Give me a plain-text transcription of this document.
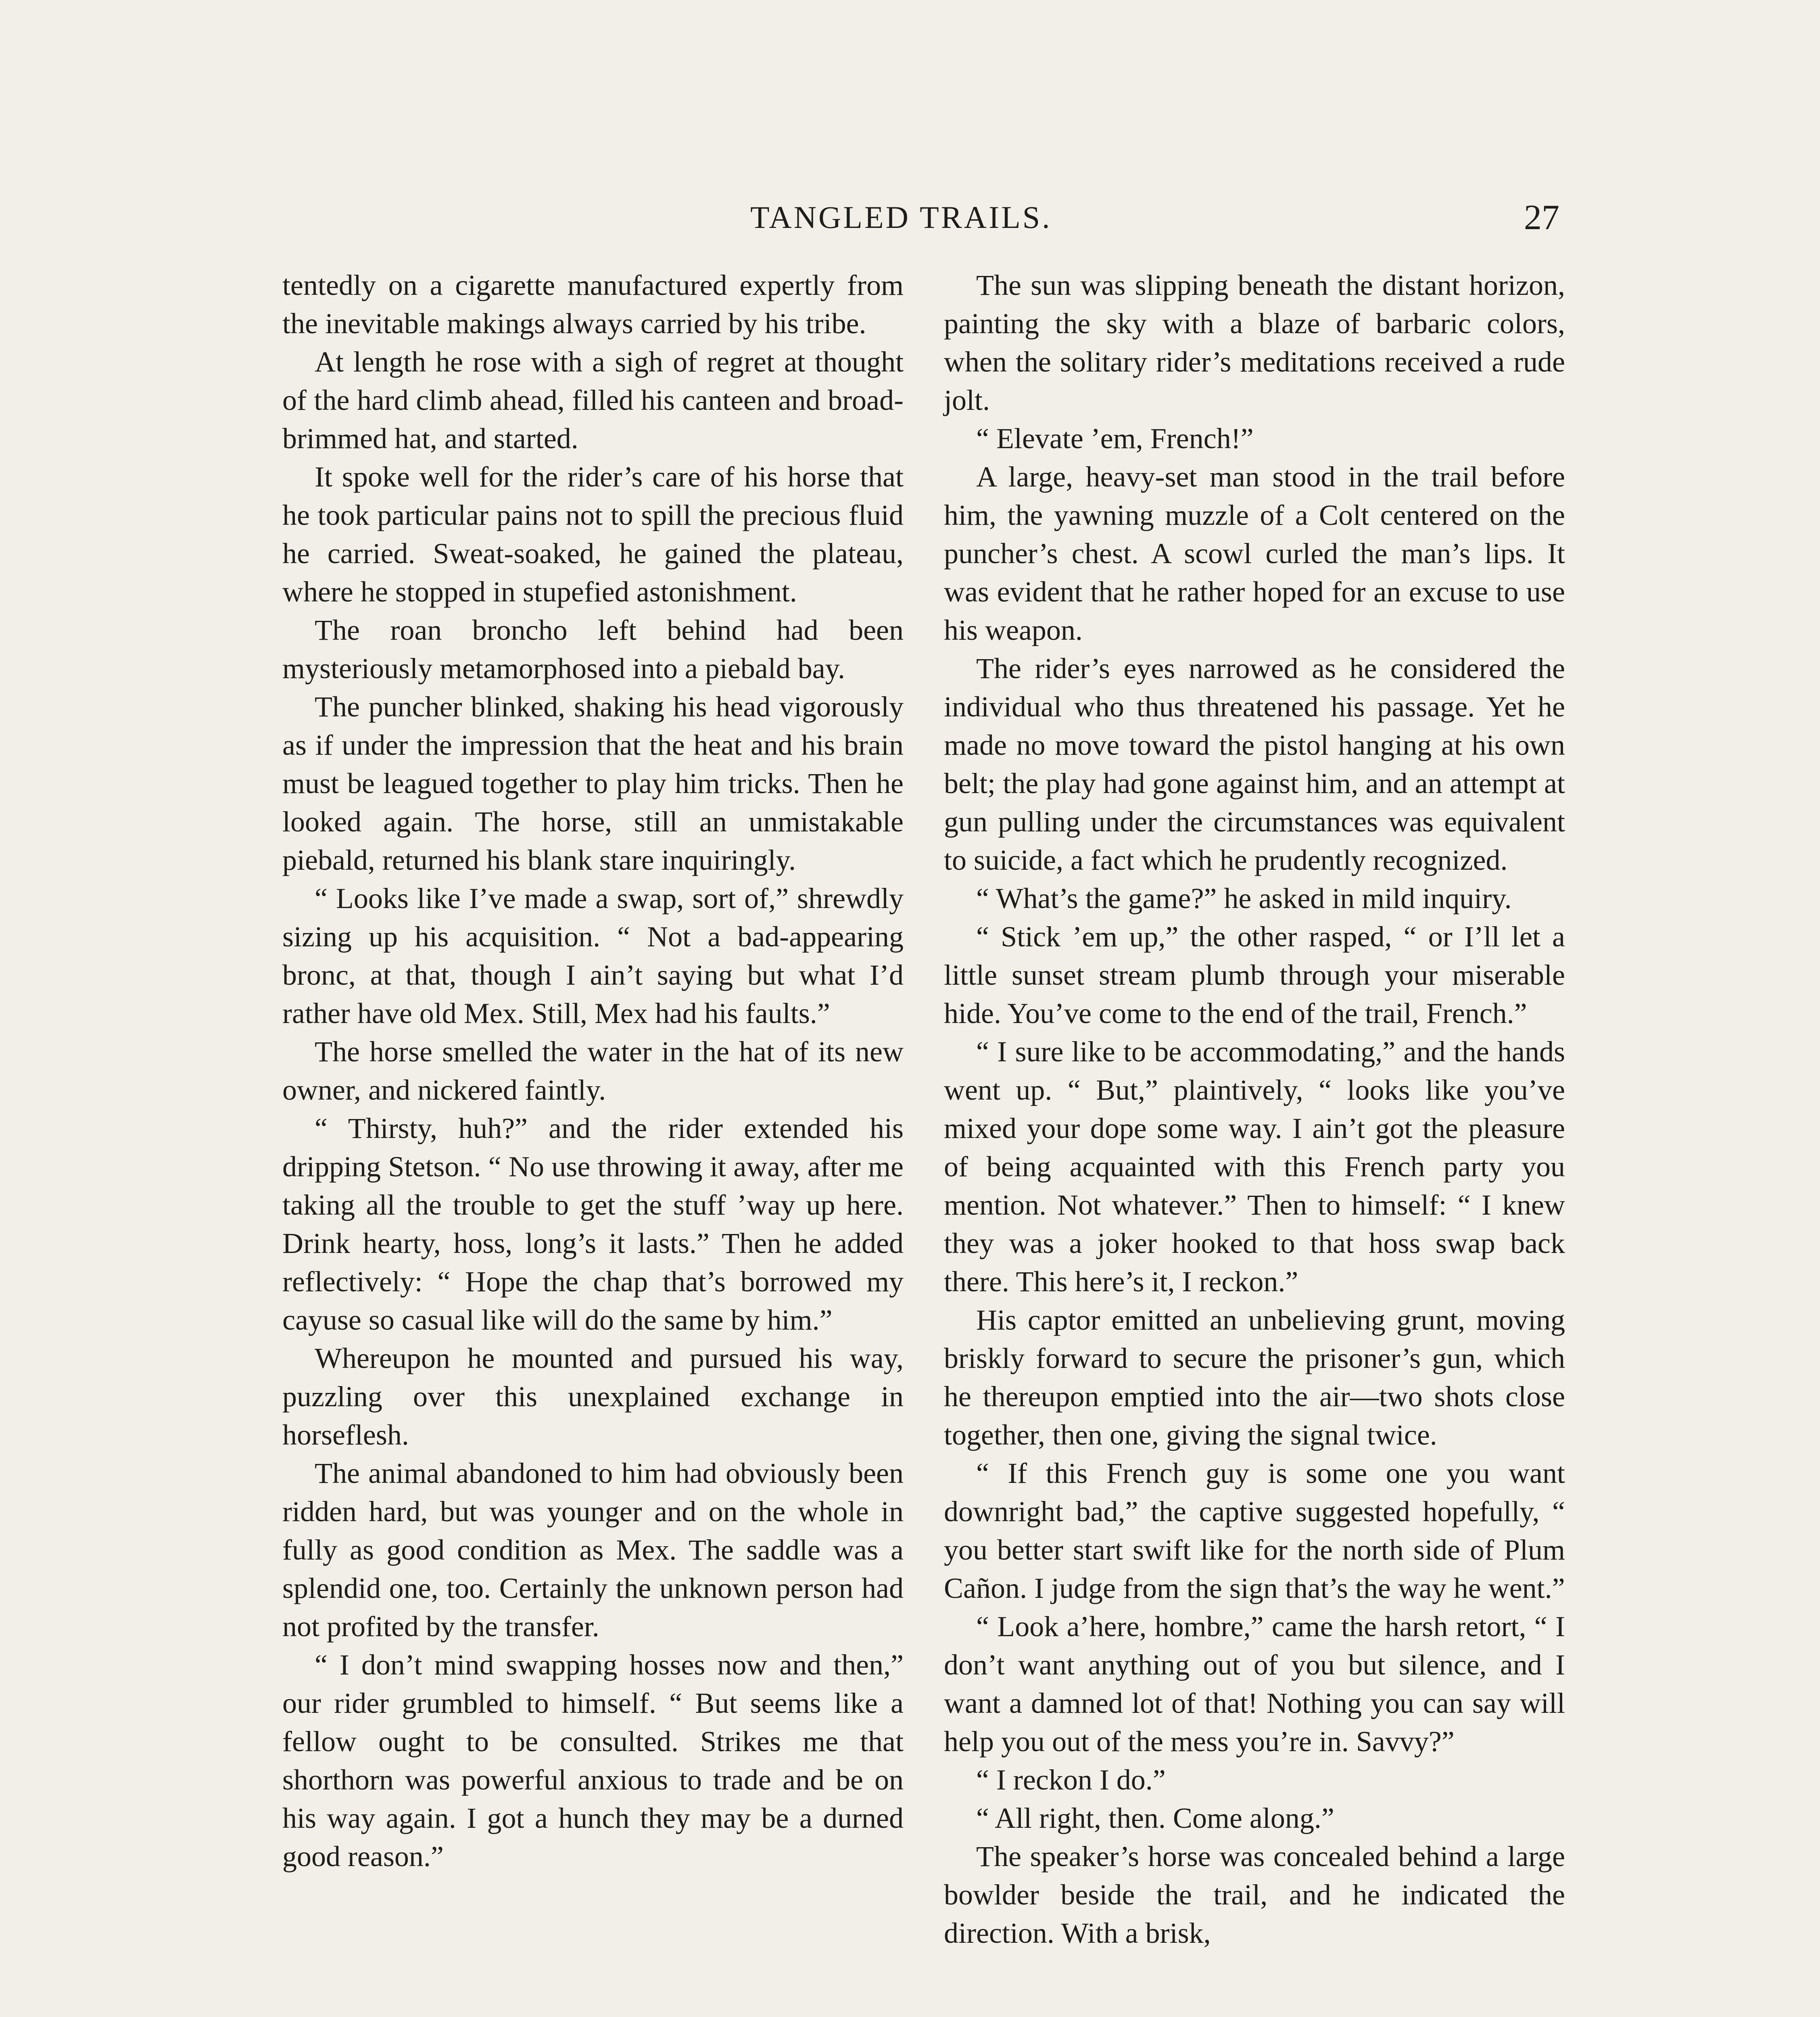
TANGLED TRAILS.	27

tentedly on a cigarette manufactured expertly from the inevitable makings always carried by his tribe.

At length he rose with a sigh of regret at thought of the hard climb ahead, filled his canteen and broad-brimmed hat, and started.

It spoke well for the rider’s care of his horse that he took particular pains not to spill the precious fluid he carried. Sweat-soaked, he gained the plateau, where he stopped in stupefied astonishment.

The roan broncho left behind had been mysteriously metamorphosed into a piebald bay.

The puncher blinked, shaking his head vigorously as if under the impression that the heat and his brain must be leagued together to play him tricks. Then he looked again. The horse, still an unmistakable piebald, returned his blank stare inquiringly.

“ Looks like I’ve made a swap, sort of,” shrewdly sizing up his acquisition. “ Not a bad-appearing bronc, at that, though I ain’t saying but what I’d rather have old Mex. Still, Mex had his faults.”

The horse smelled the water in the hat of its new owner, and nickered faintly.

“ Thirsty, huh?” and the rider extended his dripping Stetson. “ No use throwing it away, after me taking all the trouble to get the stuff ’way up here. Drink hearty, hoss, long’s it lasts.” Then he added reflectively: “ Hope the chap that’s borrowed my cayuse so casual like will do the same by him.”

Whereupon he mounted and pursued his way, puzzling over this unexplained exchange in horseflesh.

The animal abandoned to him had obviously been ridden hard, but was younger and on the whole in fully as good condition as Mex. The saddle was a splendid one, too. Certainly the unknown person had not profited by the transfer.

“ I don’t mind swapping hosses now and then,” our rider grumbled to himself. “ But seems like a fellow ought to be consulted. Strikes me that shorthorn was powerful anxious to trade and be on his way again. I got a hunch they may be a durned good reason.”

The sun was slipping beneath the distant horizon, painting the sky with a blaze of barbaric colors, when the solitary rider’s meditations received a rude jolt.

“ Elevate ’em, French!”

A large, heavy-set man stood in the trail before him, the yawning muzzle of a Colt centered on the puncher’s chest. A scowl curled the man’s lips. It was evident that he rather hoped for an excuse to use his weapon.

The rider’s eyes narrowed as he considered the individual who thus threatened his passage. Yet he made no move toward the pistol hanging at his own belt; the play had gone against him, and an attempt at gun pulling under the circumstances was equivalent to suicide, a fact which he prudently recognized.

“ What’s the game?” he asked in mild inquiry.

“ Stick ’em up,” the other rasped, “ or I’ll let a little sunset stream plumb through your miserable hide. You’ve come to the end of the trail, French.”

“ I sure like to be accommodating,” and the hands went up. “ But,” plaintively, “ looks like you’ve mixed your dope some way. I ain’t got the pleasure of being acquainted with this French party you mention. Not whatever.” Then to himself: “ I knew they was a joker hooked to that hoss swap back there. This here’s it, I reckon.”

His captor emitted an unbelieving grunt, moving briskly forward to secure the prisoner’s gun, which he thereupon emptied into the air—two shots close together, then one, giving the signal twice.

“ If this French guy is some one you want downright bad,” the captive suggested hopefully, “ you better start swift like for the north side of Plum Cañon. I judge from the sign that’s the way he went.”

“ Look a’here, hombre,” came the harsh retort, “ I don’t want anything out of you but silence, and I want a damned lot of that! Nothing you can say will help you out of the mess you’re in. Savvy?”

“ I reckon I do.”

“ All right, then. Come along.”

The speaker’s horse was concealed behind a large bowlder beside the trail, and he indicated the direction. With a brisk,
